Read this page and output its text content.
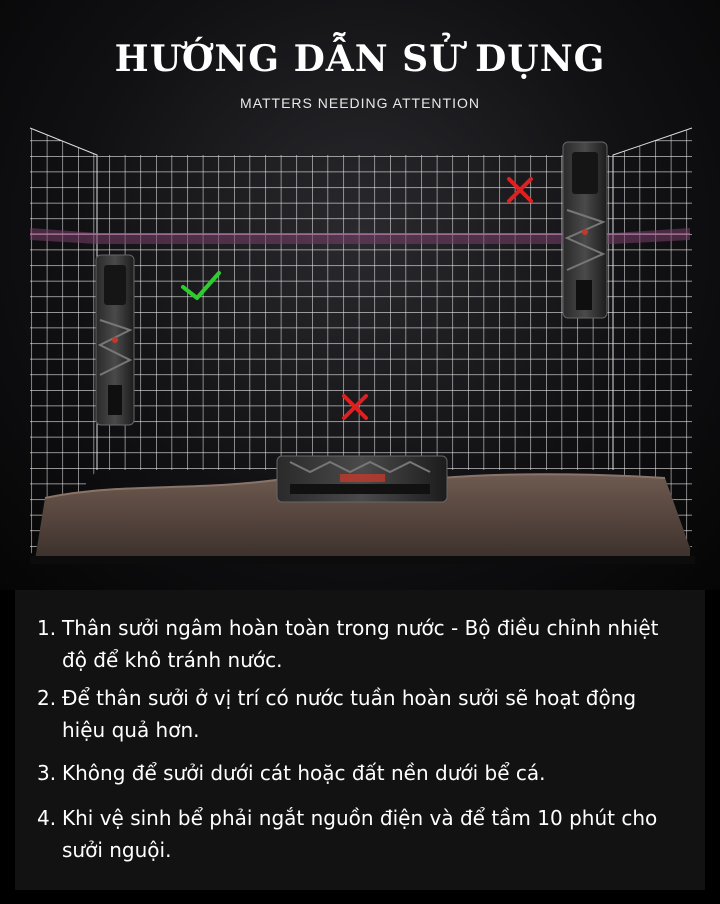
HƯỚNG DẪN SỬ DỤNG
MATTERS NEEDING ATTENTION
1. Thân sưởi ngâm hoàn toàn trong nước - Bộ điều chỉnh nhiệt độ để khô tránh nước.
2. Để thân sưởi ở vị trí có nước tuần hoàn sưởi sẽ hoạt động hiệu quả hơn.
3. Không để sưởi dưới cát hoặc đất nền dưới bể cá.
4. Khi vệ sinh bể phải ngắt nguồn điện và để tầm 10 phút cho sưởi nguội.
